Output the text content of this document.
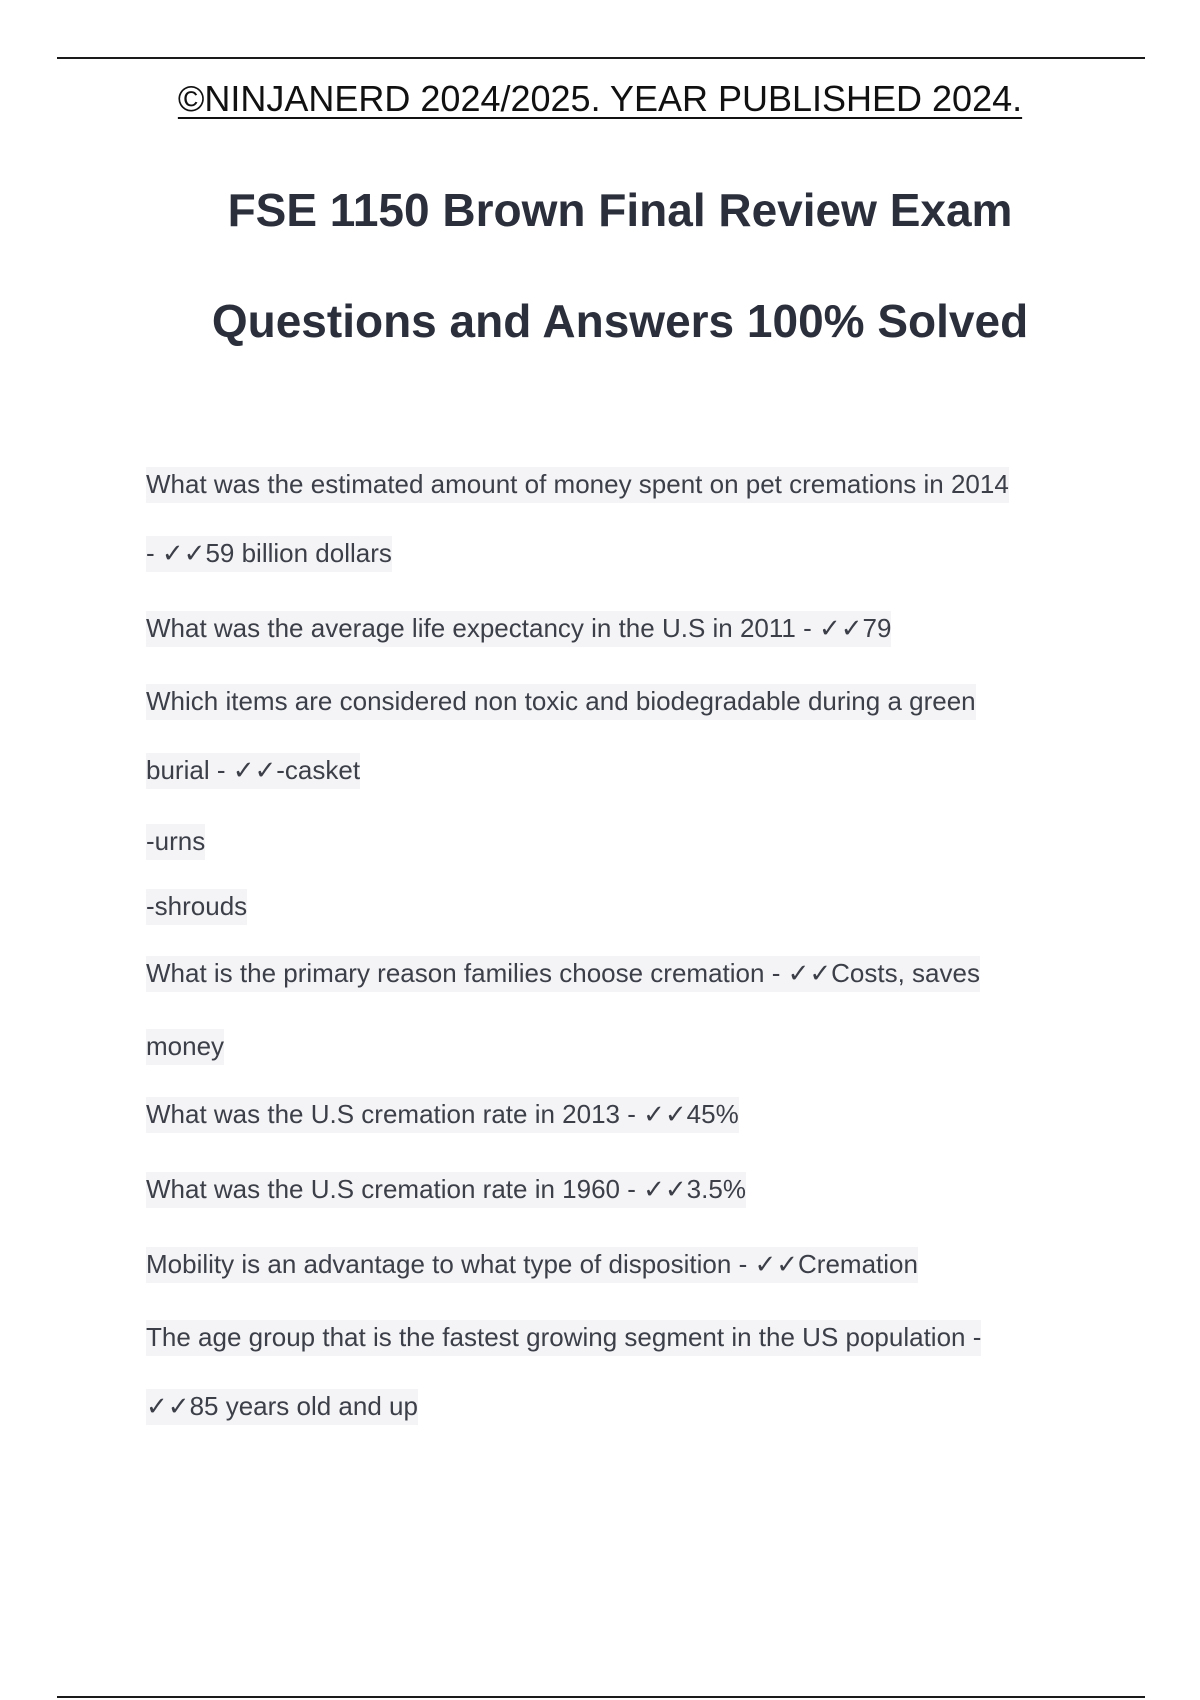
©NINJANERD 2024/2025. YEAR PUBLISHED 2024.
FSE 1150 Brown Final Review Exam
Questions and Answers 100% Solved
What was the estimated amount of money spent on pet cremations in 2014
- ✓✓59 billion dollars
What was the average life expectancy in the U.S in 2011 - ✓✓79
Which items are considered non toxic and biodegradable during a green
burial - ✓✓-casket
-urns
-shrouds
What is the primary reason families choose cremation - ✓✓Costs, saves
money
What was the U.S cremation rate in 2013 - ✓✓45%
What was the U.S cremation rate in 1960 - ✓✓3.5%
Mobility is an advantage to what type of disposition - ✓✓Cremation
The age group that is the fastest growing segment in the US population -
✓✓85 years old and up
